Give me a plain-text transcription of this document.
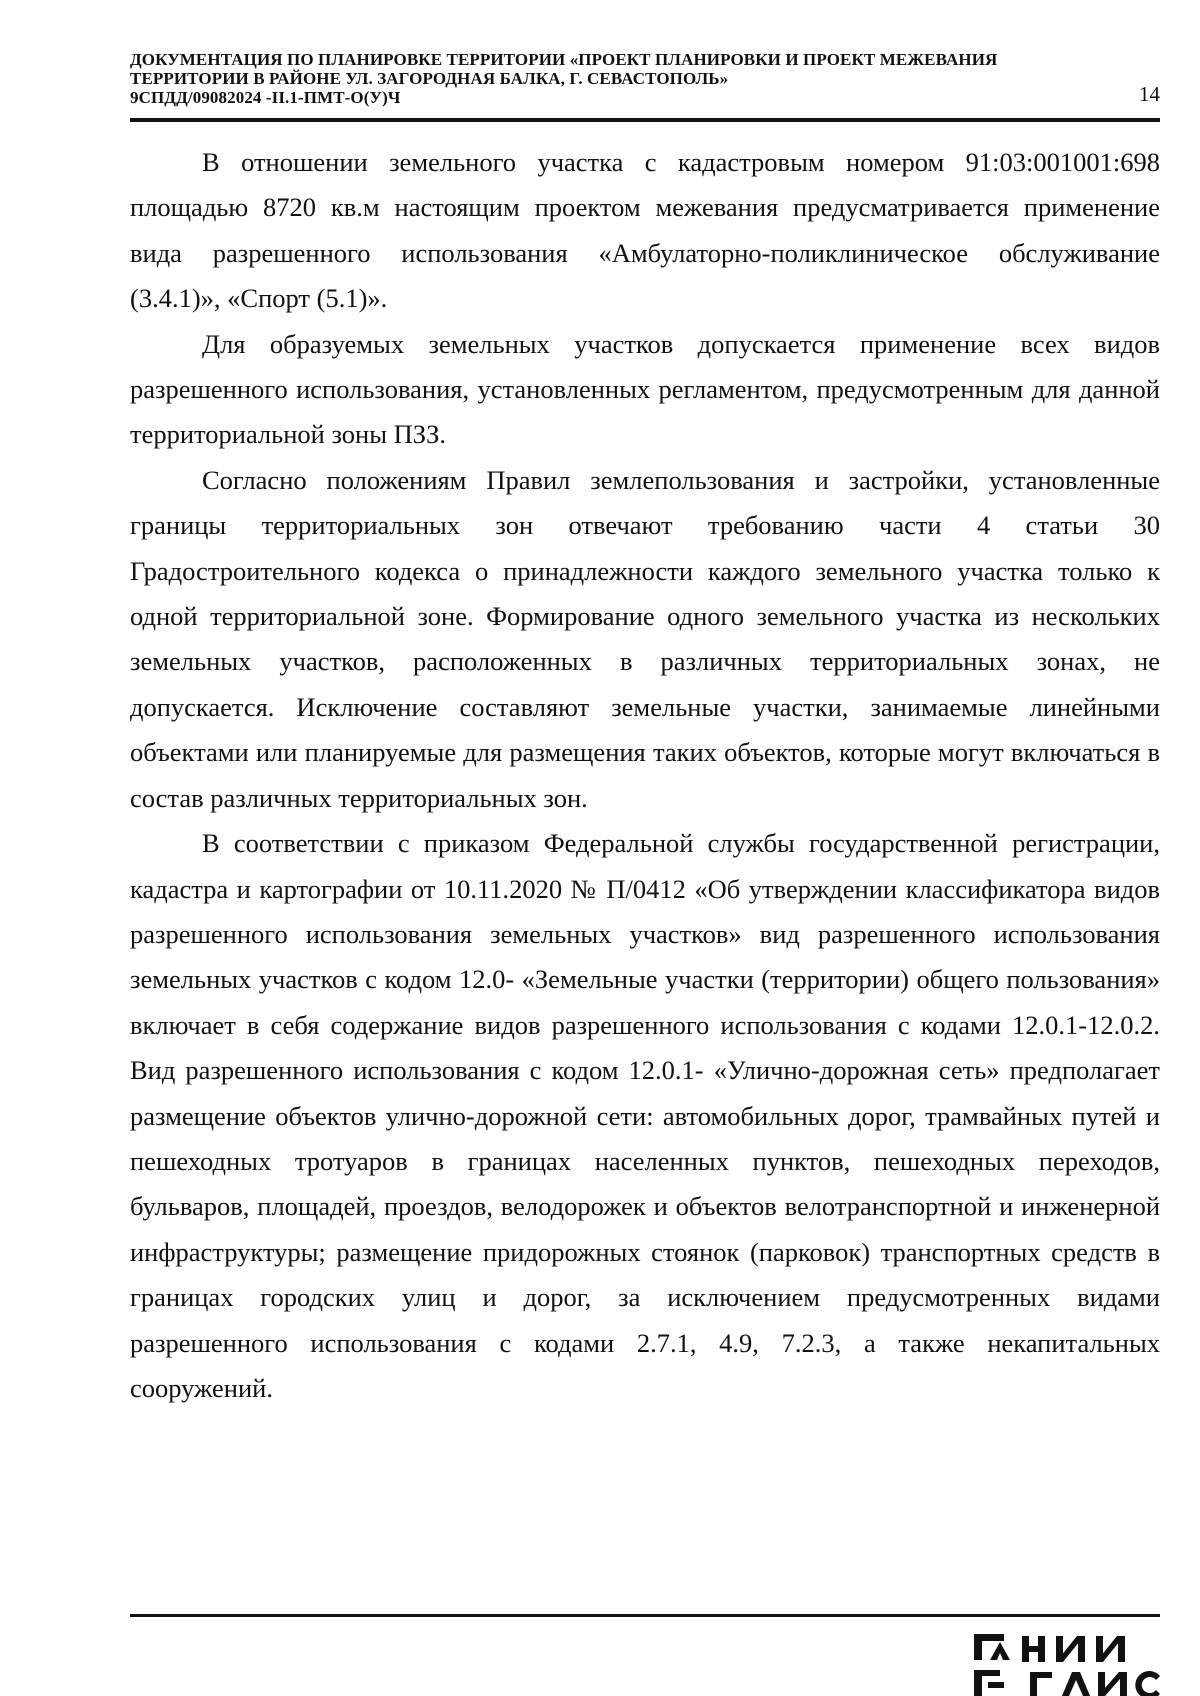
ДОКУМЕНТАЦИЯ ПО ПЛАНИРОВКЕ ТЕРРИТОРИИ «ПРОЕКТ ПЛАНИРОВКИ И ПРОЕКТ МЕЖЕВАНИЯ
ТЕРРИТОРИИ В РАЙОНЕ УЛ. ЗАГОРОДНАЯ БАЛКА, Г. СЕВАСТОПОЛЬ»
9СПДД/09082024 -II.1-ПМТ-О(У)Ч	14

В отношении земельного участка с кадастровым номером 91:03:001001:698 площадью 8720 кв.м настоящим проектом межевания предусматривается применение вида разрешенного использования «Амбулаторно-поликлиническое обслуживание (3.4.1)», «Спорт (5.1)».

Для образуемых земельных участков допускается применение всех видов разрешенного использования, установленных регламентом, предусмотренным для данной территориальной зоны ПЗЗ.

Согласно положениям Правил землепользования и застройки, установленные границы территориальных зон отвечают требованию части 4 статьи 30 Градостроительного кодекса о принадлежности каждого земельного участка только к одной территориальной зоне. Формирование одного земельного участка из нескольких земельных участков, расположенных в различных территориальных зонах, не допускается. Исключение составляют земельные участки, занимаемые линейными объектами или планируемые для размещения таких объектов, которые могут включаться в состав различных территориальных зон.

В соответствии с приказом Федеральной службы государственной регистрации, кадастра и картографии от 10.11.2020 № П/0412 «Об утверждении классификатора видов разрешенного использования земельных участков» вид разрешенного использования земельных участков с кодом 12.0- «Земельные участки (территории) общего пользования» включает в себя содержание видов разрешенного использования с кодами 12.0.1-12.0.2. Вид разрешенного использования с кодом 12.0.1- «Улично-дорожная сеть» предполагает размещение объектов улично-дорожной сети: автомобильных дорог, трамвайных путей и пешеходных тротуаров в границах населенных пунктов, пешеходных переходов, бульваров, площадей, проездов, велодорожек и объектов велотранспортной и инженерной инфраструктуры; размещение придорожных стоянок (парковок) транспортных средств в границах городских улиц и дорог, за исключением предусмотренных видами разрешенного использования с кодами 2.7.1, 4.9, 7.2.3, а также некапитальных сооружений.
